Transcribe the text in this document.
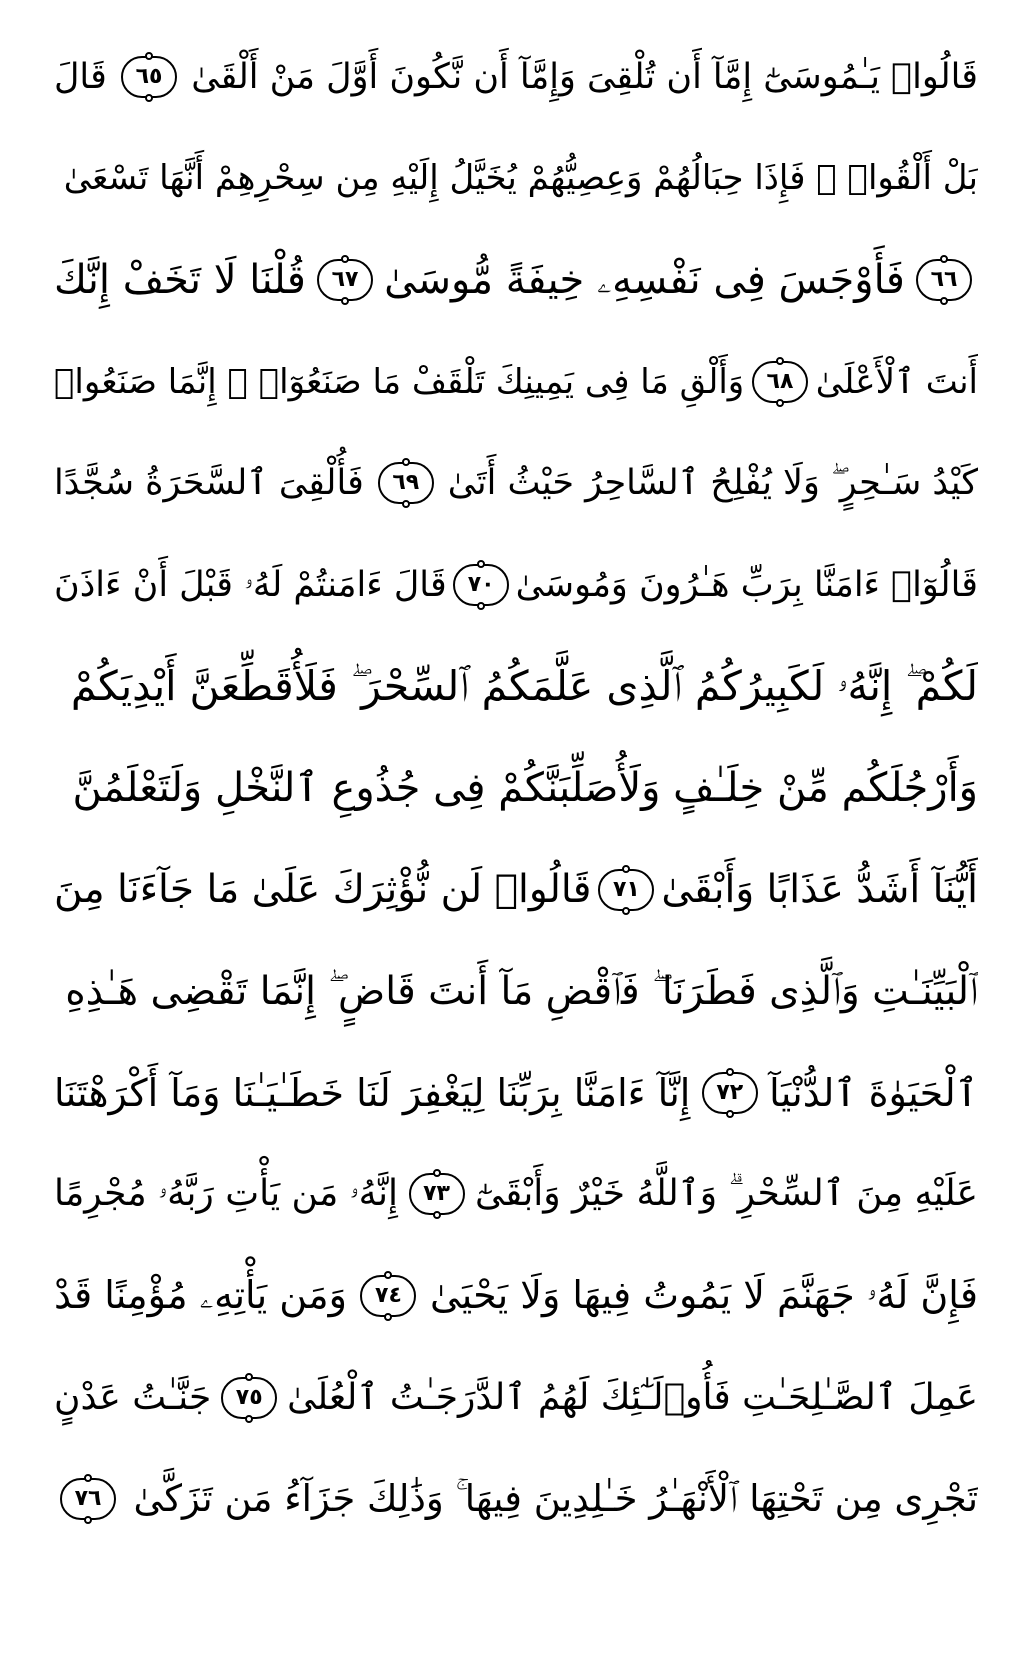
قَالُوا۟ يَـٰمُوسَىٰٓ إِمَّآ أَن تُلْقِىَ وَإِمَّآ أَن نَّكُونَ أَوَّلَ مَنْ أَلْقَىٰ
٦٥
قَالَ
بَلْ أَلْقُوا۟ ۖ فَإِذَا حِبَالُهُمْ وَعِصِيُّهُمْ يُخَيَّلُ إِلَيْهِ مِن سِحْرِهِمْ أَنَّهَا تَسْعَىٰ
٦٦
فَأَوْجَسَ فِى نَفْسِهِۦ خِيفَةً مُّوسَىٰ
٦٧
قُلْنَا لَا تَخَفْ إِنَّكَ
أَنتَ ٱلْأَعْلَىٰ
٦٨
وَأَلْقِ مَا فِى يَمِينِكَ تَلْقَفْ مَا صَنَعُوٓا۟ ۖ إِنَّمَا صَنَعُوا۟
كَيْدُ سَـٰحِرٍ ۖ وَلَا يُفْلِحُ ٱلسَّاحِرُ حَيْثُ أَتَىٰ
٦٩
فَأُلْقِىَ ٱلسَّحَرَةُ سُجَّدًا
قَالُوٓا۟ ءَامَنَّا بِرَبِّ هَـٰرُونَ وَمُوسَىٰ
٧٠
قَالَ ءَامَنتُمْ لَهُۥ قَبْلَ أَنْ ءَاذَنَ
لَكُمْ ۖ إِنَّهُۥ لَكَبِيرُكُمُ ٱلَّذِى عَلَّمَكُمُ ٱلسِّحْرَ ۖ فَلَأُقَطِّعَنَّ أَيْدِيَكُمْ
وَأَرْجُلَكُم مِّنْ خِلَـٰفٍ وَلَأُصَلِّبَنَّكُمْ فِى جُذُوعِ ٱلنَّخْلِ وَلَتَعْلَمُنَّ
أَيُّنَآ أَشَدُّ عَذَابًا وَأَبْقَىٰ
٧١
قَالُوا۟ لَن نُّؤْثِرَكَ عَلَىٰ مَا جَآءَنَا مِنَ
ٱلْبَيِّنَـٰتِ وَٱلَّذِى فَطَرَنَا ۖ فَٱقْضِ مَآ أَنتَ قَاضٍ ۖ إِنَّمَا تَقْضِى هَـٰذِهِ
ٱلْحَيَوٰةَ ٱلدُّنْيَآ
٧٢
إِنَّآ ءَامَنَّا بِرَبِّنَا لِيَغْفِرَ لَنَا خَطَـٰيَـٰنَا وَمَآ أَكْرَهْتَنَا
عَلَيْهِ مِنَ ٱلسِّحْرِ ۗ وَٱللَّهُ خَيْرٌ وَأَبْقَىٰٓ
٧٣
إِنَّهُۥ مَن يَأْتِ رَبَّهُۥ مُجْرِمًا
فَإِنَّ لَهُۥ جَهَنَّمَ لَا يَمُوتُ فِيهَا وَلَا يَحْيَىٰ
٧٤
وَمَن يَأْتِهِۦ مُؤْمِنًا قَدْ
عَمِلَ ٱلصَّـٰلِحَـٰتِ فَأُو۟لَـٰٓئِكَ لَهُمُ ٱلدَّرَجَـٰتُ ٱلْعُلَىٰ
٧٥
جَنَّـٰتُ عَدْنٍ
تَجْرِى مِن تَحْتِهَا ٱلْأَنْهَـٰرُ خَـٰلِدِينَ فِيهَا ۚ وَذَٰلِكَ جَزَآءُ مَن تَزَكَّىٰ
٧٦
